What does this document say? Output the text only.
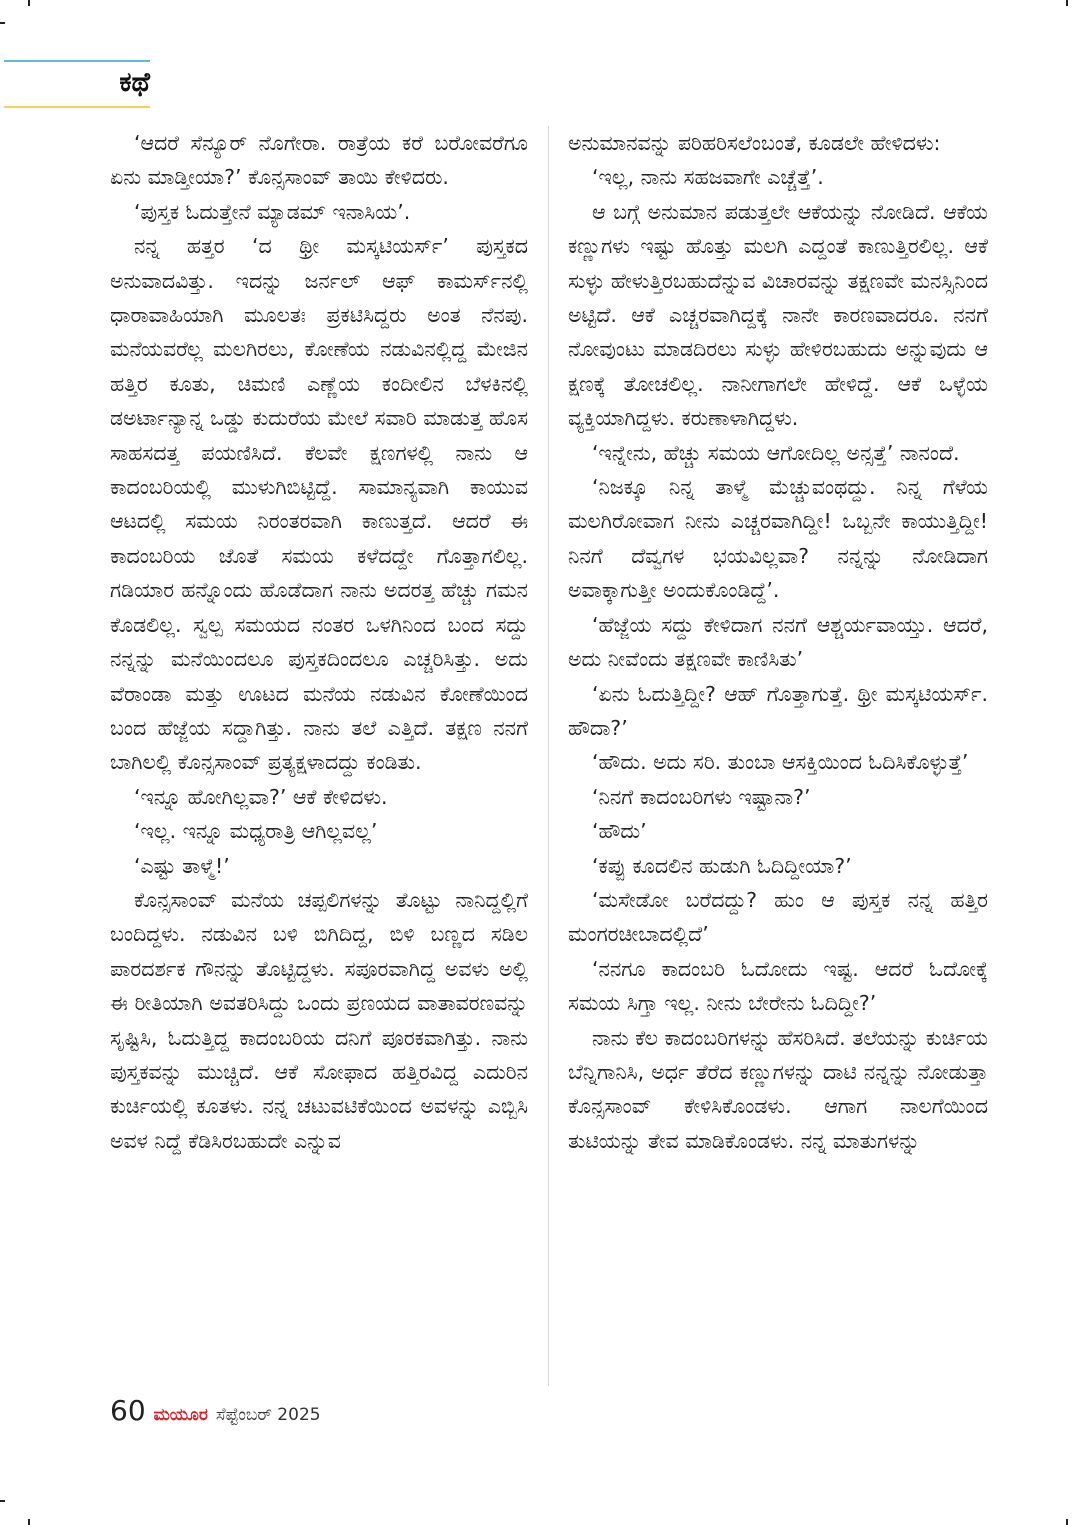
ಕಥೆ

‘ಆದರೆ ಸೆನ್ಯೂರ್ ನೊಗೇರಾ. ರಾತ್ರೆಯ ಕರೆ ಬರೋವರೆಗೂ ಏನು ಮಾಡ್ತೀಯಾ?’ ಕೊನ್ಸಸಾಂವ್ ತಾಯಿ ಕೇಳಿದರು.

‘ಪುಸ್ತಕ ಓದುತ್ತೇನೆ ಮ್ಯಾಡಮ್ ಇನಾಸಿಯ’.

ನನ್ನ ಹತ್ತರ ‘ದ ಥ್ರೀ ಮಸ್ಕಟಿಯರ್ಸ್’ ಪುಸ್ತಕದ ಅನುವಾದವಿತ್ತು. ಇದನ್ನು ಜರ್ನಲ್ ಆಫ್ ಕಾಮರ್ಸ್‌ನಲ್ಲಿ ಧಾರಾವಾಹಿಯಾಗಿ ಮೂಲತಃ ಪ್ರಕಟಿಸಿದ್ದರು ಅಂತ ನೆನಪು. ಮನೆಯವರೆಲ್ಲ ಮಲಗಿರಲು, ಕೋಣೆಯ ನಡುವಿನಲ್ಲಿದ್ದ ಮೇಜಿನ ಹತ್ತಿರ ಕೂತು, ಚಿಮಣಿ ಎಣ್ಣೆಯ ಕಂದೀಲಿನ ಬೆಳಕಿನಲ್ಲಿ ಡಅರ್ಟಾನ್ಯಾನ್ನ ಒಡ್ಡು ಕುದುರೆಯ ಮೇಲೆ ಸವಾರಿ ಮಾಡುತ್ತ ಹೊಸ ಸಾಹಸದತ್ತ ಪಯಣಿಸಿದೆ. ಕೆಲವೇ ಕ್ಷಣಗಳಲ್ಲಿ ನಾನು ಆ ಕಾದಂಬರಿಯಲ್ಲಿ ಮುಳುಗಿಬಿಟ್ಟಿದ್ದೆ. ಸಾಮಾನ್ಯವಾಗಿ ಕಾಯುವ ಆಟದಲ್ಲಿ ಸಮಯ ನಿರಂತರವಾಗಿ ಕಾಣುತ್ತದೆ. ಆದರೆ ಈ ಕಾದಂಬರಿಯ ಜೊತೆ ಸಮಯ ಕಳೆದದ್ದೇ ಗೊತ್ತಾಗಲಿಲ್ಲ. ಗಡಿಯಾರ ಹನ್ನೊಂದು ಹೊಡೆದಾಗ ನಾನು ಅದರತ್ತ ಹೆಚ್ಚು ಗಮನ ಕೊಡಲಿಲ್ಲ. ಸ್ವಲ್ಪ ಸಮಯದ ನಂತರ ಒಳಗಿನಿಂದ ಬಂದ ಸದ್ದು ನನ್ನನ್ನು ಮನೆಯಿಂದಲೂ ಪುಸ್ತಕದಿಂದಲೂ ಎಚ್ಚರಿಸಿತ್ತು. ಅದು ವೆರಾಂಡಾ ಮತ್ತು ಊಟದ ಮನೆಯ ನಡುವಿನ ಕೋಣೆಯಿಂದ ಬಂದ ಹೆಜ್ಜೆಯ ಸದ್ದಾಗಿತ್ತು. ನಾನು ತಲೆ ಎತ್ತಿದೆ. ತಕ್ಷಣ ನನಗೆ ಬಾಗಿಲಲ್ಲಿ ಕೊನ್ಸಸಾಂವ್ ಪ್ರತ್ಯಕ್ಷಳಾದದ್ದು ಕಂಡಿತು.

‘ಇನ್ನೂ ಹೋಗಿಲ್ಲವಾ?’ ಆಕೆ ಕೇಳಿದಳು.

‘ಇಲ್ಲ. ಇನ್ನೂ ಮಧ್ಯರಾತ್ರಿ ಆಗಿಲ್ಲವಲ್ಲ’

‘ಎಷ್ಟು ತಾಳ್ಮೆ!’

ಕೊನ್ಸಸಾಂವ್ ಮನೆಯ ಚಪ್ಪಲಿಗಳನ್ನು ತೊಟ್ಟು ನಾನಿದ್ದಲ್ಲಿಗೆ ಬಂದಿದ್ದಳು. ನಡುವಿನ ಬಳಿ ಬಿಗಿದಿದ್ದ, ಬಿಳಿ ಬಣ್ಣದ ಸಡಿಲ ಪಾರದರ್ಶಕ ಗೌನನ್ನು ತೊಟ್ಟಿದ್ದಳು. ಸಪೂರವಾಗಿದ್ದ ಅವಳು ಅಲ್ಲಿ ಈ ರೀತಿಯಾಗಿ ಅವತರಿಸಿದ್ದು ಒಂದು ಪ್ರಣಯದ ವಾತಾವರಣವನ್ನು ಸೃಷ್ಟಿಸಿ, ಓದುತ್ತಿದ್ದ ಕಾದಂಬರಿಯ ದನಿಗೆ ಪೂರಕವಾಗಿತ್ತು. ನಾನು ಪುಸ್ತಕವನ್ನು ಮುಚ್ಚಿದೆ. ಆಕೆ ಸೋಫಾದ ಹತ್ತಿರವಿದ್ದ ಎದುರಿನ ಕುರ್ಚಿಯಲ್ಲಿ ಕೂತಳು. ನನ್ನ ಚಟುವಟಿಕೆಯಿಂದ ಅವಳನ್ನು ಎಬ್ಬಿಸಿ ಅವಳ ನಿದ್ದೆ ಕೆಡಿಸಿರಬಹುದೇ ಎನ್ನುವ

ಅನುಮಾನವನ್ನು ಪರಿಹರಿಸಲೆಂಬಂತೆ, ಕೂಡಲೇ ಹೇಳಿದಳು:

‘ಇಲ್ಲ, ನಾನು ಸಹಜವಾಗೇ ಎಚ್ಚೆತ್ತೆ’.

ಆ ಬಗ್ಗೆ ಅನುಮಾನ ಪಡುತ್ತಲೇ ಆಕೆಯನ್ನು ನೋಡಿದೆ. ಆಕೆಯ ಕಣ್ಣುಗಳು ಇಷ್ಟು ಹೊತ್ತು ಮಲಗಿ ಎದ್ದಂತೆ ಕಾಣುತ್ತಿರಲಿಲ್ಲ. ಆಕೆ ಸುಳ್ಳು ಹೇಳುತ್ತಿರಬಹುದೆನ್ನುವ ವಿಚಾರವನ್ನು ತಕ್ಷಣವೇ ಮನಸ್ಸಿನಿಂದ ಅಟ್ಟಿದೆ. ಆಕೆ ಎಚ್ಚರವಾಗಿದ್ದಕ್ಕೆ ನಾನೇ ಕಾರಣವಾದರೂ. ನನಗೆ ನೋವುಂಟು ಮಾಡದಿರಲು ಸುಳ್ಳು ಹೇಳಿರಬಹುದು ಅನ್ನುವುದು ಆ ಕ್ಷಣಕ್ಕೆ ತೋಚಲಿಲ್ಲ. ನಾನೀಗಾಗಲೇ ಹೇಳಿದ್ದೆ. ಆಕೆ ಒಳ್ಳೆಯ ವ್ಯಕ್ತಿಯಾಗಿದ್ದಳು. ಕರುಣಾಳಾಗಿದ್ದಳು.

‘ಇನ್ನೇನು, ಹೆಚ್ಚು ಸಮಯ ಆಗೋದಿಲ್ಲ ಅನ್ಸತ್ತೆ’ ನಾನಂದೆ.

‘ನಿಜಕ್ಕೂ ನಿನ್ನ ತಾಳ್ಮೆ ಮೆಚ್ಚುವಂಥದ್ದು. ನಿನ್ನ ಗೆಳೆಯ ಮಲಗಿರೋವಾಗ ನೀನು ಎಚ್ಚರವಾಗಿದ್ದೀ! ಒಬ್ಬನೇ ಕಾಯುತ್ತಿದ್ದೀ! ನಿನಗೆ ದೆವ್ವಗಳ ಭಯವಿಲ್ಲವಾ? ನನ್ನನ್ನು ನೋಡಿದಾಗ ಅವಾಕ್ಕಾಗುತ್ತೀ ಅಂದುಕೊಂಡಿದ್ದೆ’.

‘ಹೆಜ್ಜೆಯ ಸದ್ದು ಕೇಳಿದಾಗ ನನಗೆ ಆಶ್ಚರ್ಯವಾಯ್ತು. ಆದರೆ, ಅದು ನೀವೆಂದು ತಕ್ಷಣವೇ ಕಾಣಿಸಿತು’

‘ಏನು ಓದುತ್ತಿದ್ದೀ? ಆಹ್ ಗೊತ್ತಾಗುತ್ತೆ. ಥ್ರೀ ಮಸ್ಕಟಿಯರ್ಸ್. ಹೌದಾ?’

‘ಹೌದು. ಅದು ಸರಿ. ತುಂಬಾ ಆಸಕ್ತಿಯಿಂದ ಓದಿಸಿಕೊಳ್ಳುತ್ತೆ’

‘ನಿನಗೆ ಕಾದಂಬರಿಗಳು ಇಷ್ಟಾನಾ?’

‘ಹೌದು’

‘ಕಪ್ಪು ಕೂದಲಿನ ಹುಡುಗಿ ಓದಿದ್ದೀಯಾ?’

‘ಮಸೇಡೋ ಬರೆದದ್ದು? ಹುಂ ಆ ಪುಸ್ತಕ ನನ್ನ ಹತ್ತಿರ ಮಂಗರಚೀಬಾದಲ್ಲಿದೆ’

‘ನನಗೂ ಕಾದಂಬರಿ ಓದೋದು ಇಷ್ಟ. ಆದರೆ ಓದೋಕ್ಕೆ ಸಮಯ ಸಿಗ್ತಾ ಇಲ್ಲ. ನೀನು ಬೇರೇನು ಓದಿದ್ದೀ?’

ನಾನು ಕೆಲ ಕಾದಂಬರಿಗಳನ್ನು ಹೆಸರಿಸಿದೆ. ತಲೆಯನ್ನು ಕುರ್ಚಿಯ ಬೆನ್ನಿಗಾನಿಸಿ, ಅರ್ಧ ತೆರೆದ ಕಣ್ಣುಗಳನ್ನು ದಾಟಿ ನನ್ನನ್ನು ನೋಡುತ್ತಾ ಕೊನ್ಸಸಾಂವ್ ಕೇಳಿಸಿಕೊಂಡಳು. ಆಗಾಗ ನಾಲಗೆಯಿಂದ ತುಟಿಯನ್ನು ತೇವ ಮಾಡಿಕೊಂಡಳು. ನನ್ನ ಮಾತುಗಳನ್ನು

60 ಮಯೂರ ಸೆಪ್ಟೆಂಬರ್ 2025
